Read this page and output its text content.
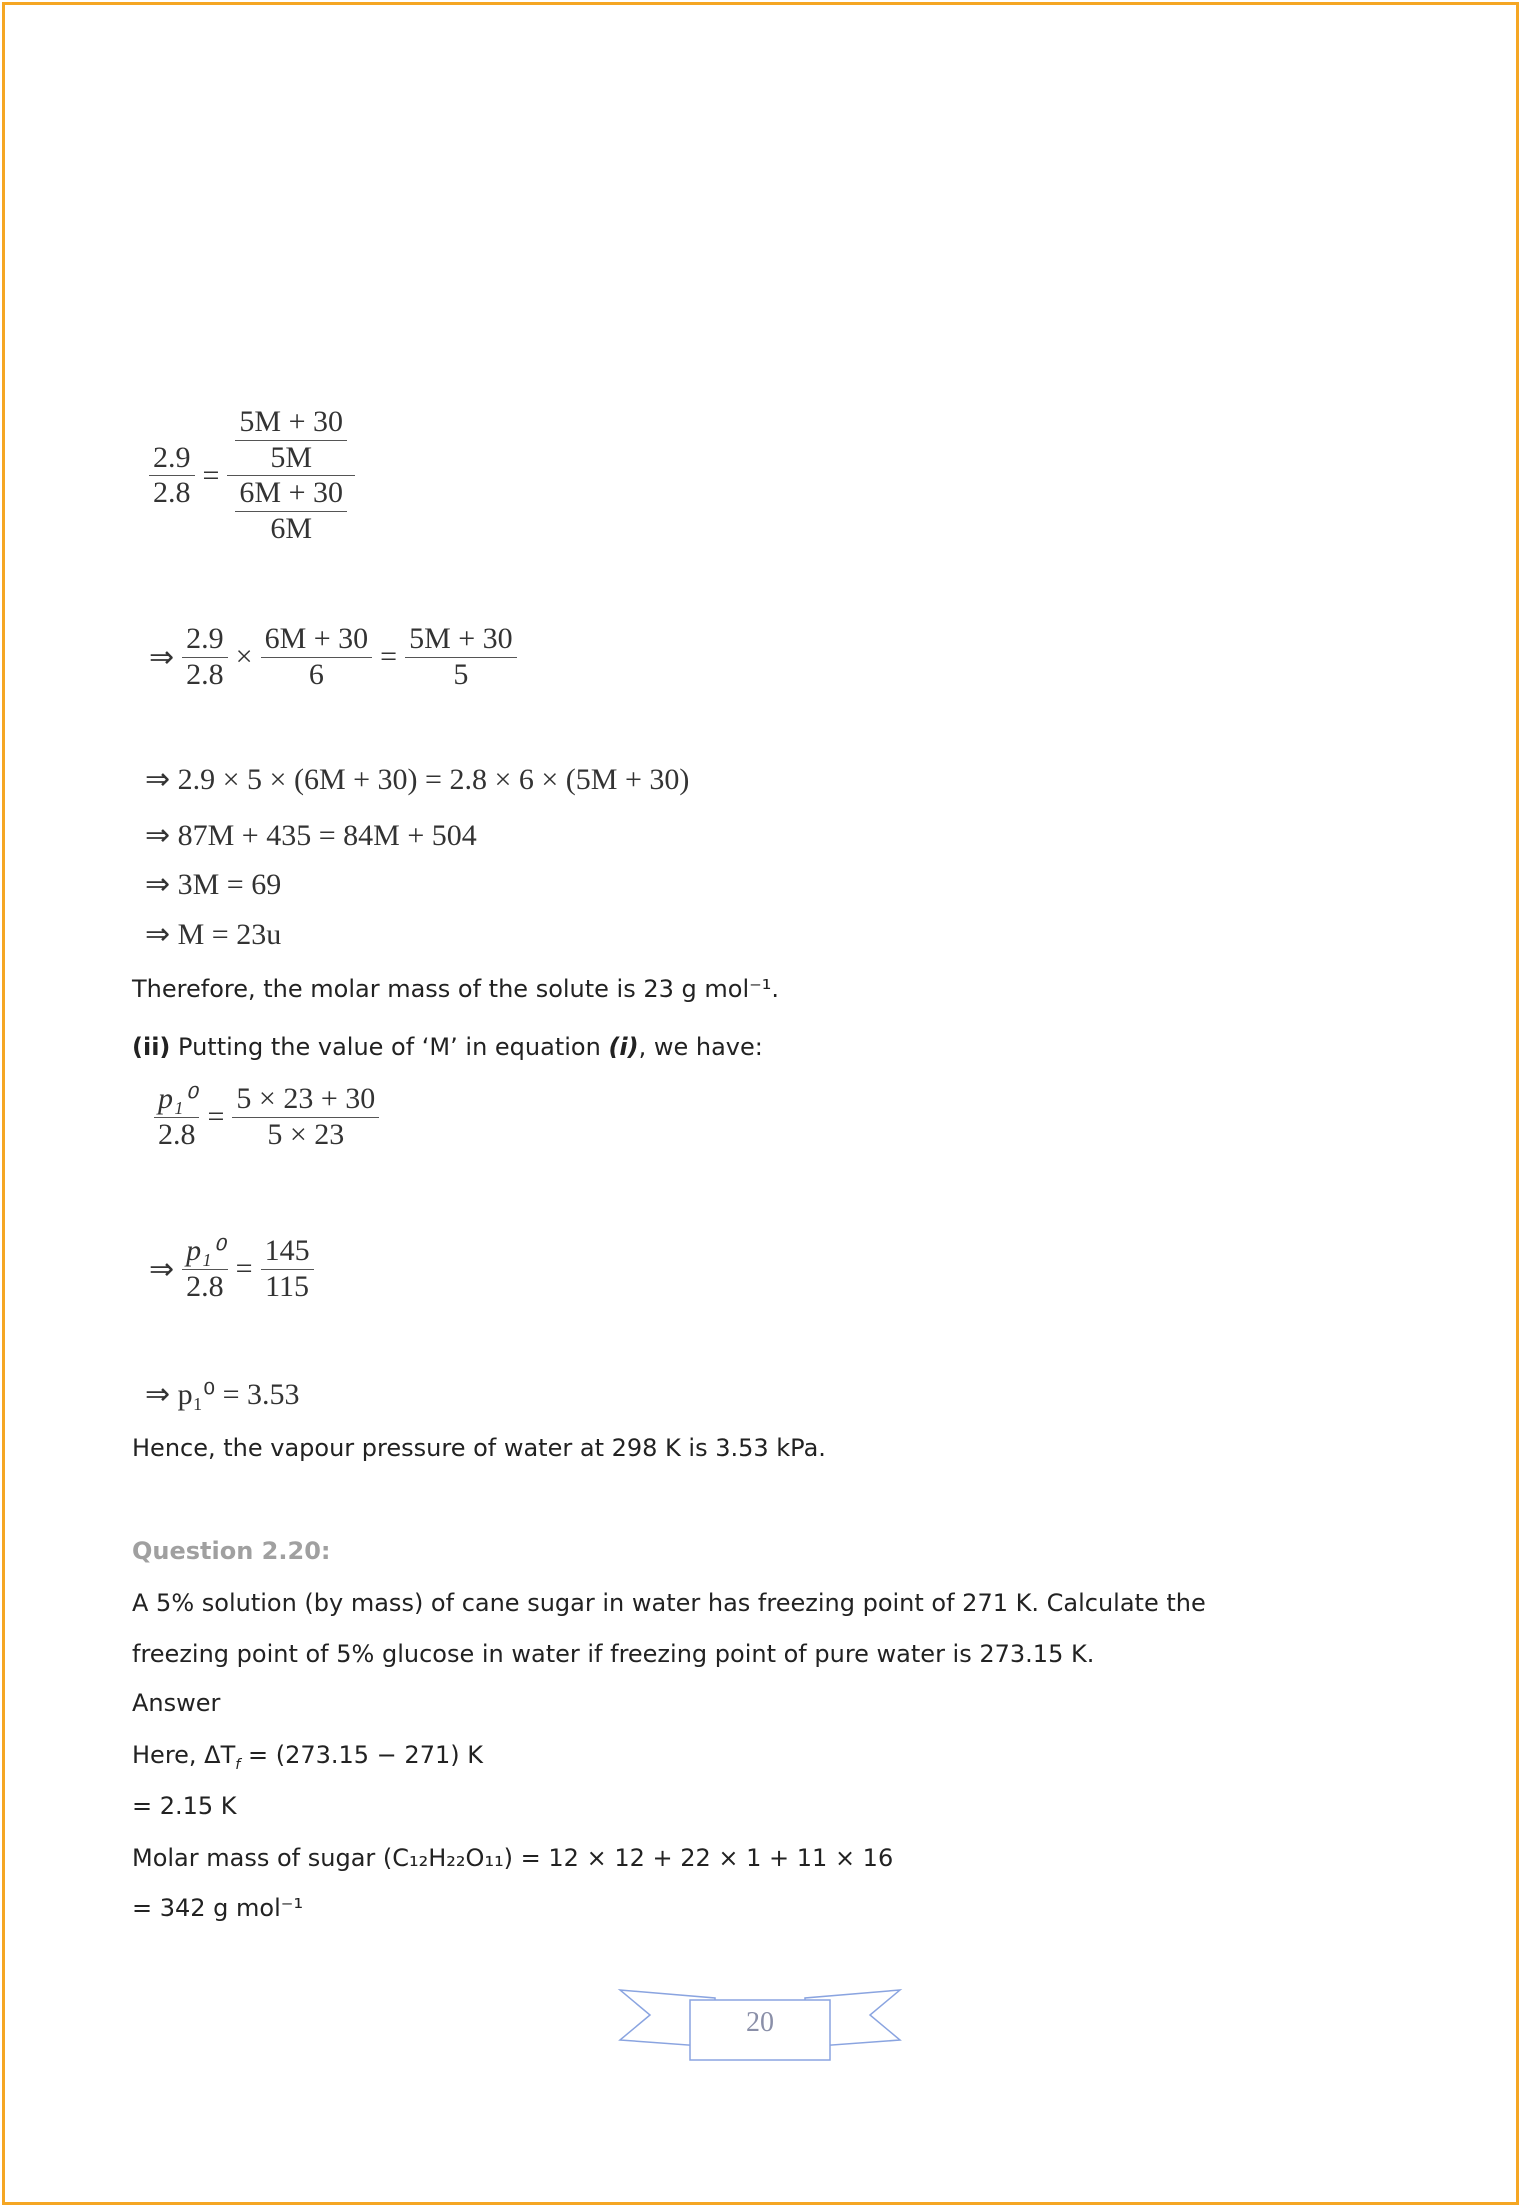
$\frac{2.9}{2.8} = \frac{\frac{5M + 30}{5M}}{\frac{6M + 30}{6M}}$
⇒ $\frac{2.9}{2.8} \times \frac{6M + 30}{6} = \frac{5M + 30}{5}$
⇒ 2.9 × 5 × (6M + 30) = 2.8 × 6 × (5M + 30)
⇒ 87M + 435 = 84M + 504
⇒ 3M = 69
⇒ M = 23u
Therefore, the molar mass of the solute is 23 g mol⁻¹.
(ii) Putting the value of ‘M’ in equation (i), we have:
$\frac{\text{p₁⁰}}{2.8} = \frac{5 \times 23 + 30}{5 \times 23}$
⇒ $\frac{\text{p₁⁰}}{2.8} = \frac{145}{115}$
⇒ p₁⁰ = 3.53
Hence, the vapour pressure of water at 298 K is 3.53 kPa.
Question 2.20:
A 5% solution (by mass) of cane sugar in water has freezing point of 271 K. Calculate the
freezing point of 5% glucose in water if freezing point of pure water is 273.15 K.
Answer
Here, $\Delta T_f = (273.15 - 271)$ K
= 2.15 K
Molar mass of sugar (C₁₂H₂₂O₁₁) = 12 × 12 + 22 × 1 + 11 × 16
= 342 g mol⁻¹
20
